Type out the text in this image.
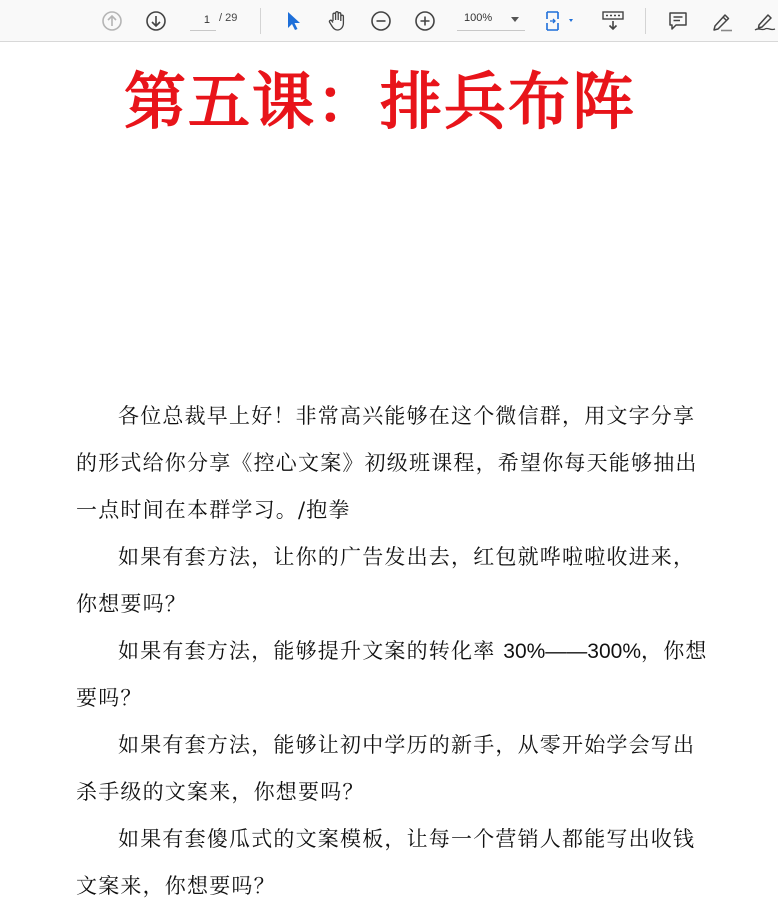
1
/ 29	100%
第五课：排兵布阵

各位总裁早上好！非常高兴能够在这个微信群，用文字分享的形式给你分享《控心文案》初级班课程，希望你每天能够抽出一点时间在本群学习。/抱拳

如果有套方法，让你的广告发出去，红包就哗啦啦收进来，你想要吗？

如果有套方法，能够提升文案的转化率 30%——300%，你想要吗？

如果有套方法，能够让初中学历的新手，从零开始学会写出杀手级的文案来，你想要吗？

如果有套傻瓜式的文案模板，让每一个营销人都能写出收钱文案来，你想要吗？
